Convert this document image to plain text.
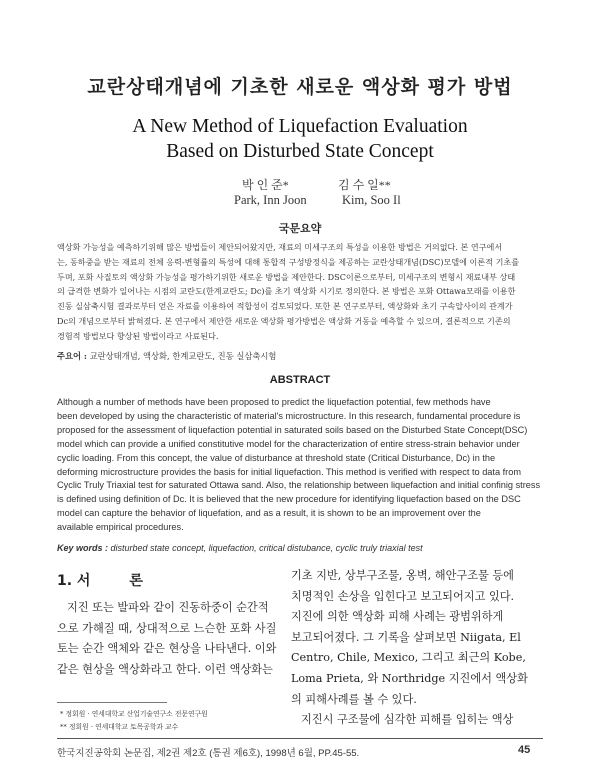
교란상태개념에 기초한 새로운 액상화 평가 방법
A New Method of Liquefaction Evaluation
Based on Disturbed State Concept
박 인 준*	김 수 일**
Park, Inn Joon	Kim, Soo Il
국문요약
액상화 가능성을 예측하기위해 많은 방법들이 제안되어왔지만, 재료의 미세구조의 특성을 이용한 방법은 거의없다. 본 연구에서
는, 동하중을 받는 재료의 전체 응력-변형률의 특성에 대해 통합적 구성방정식을 제공하는 교란상태개념(DSC)모델에 이론적 기초를
두며, 포화 사질토의 액상화 가능성을 평가하기위한 새로운 방법을 제안한다. DSC이론으로부터, 미세구조의 변형시 재료내부 상태
의 급격한 변화가 일어나는 시점의 교란도(한계교란도; Dc)를 초기 액상화 시기로 정의한다. 본 방법은 포화 Ottawa모래를 이용한
진동 실삼축시험 결과로부터 얻은 자료를 이용하여 적합성이 검토되었다. 또한 본 연구로부터, 액상화와 초기 구속압사이의 관계가
Dc의 개념으로부터 밝혀졌다. 본 연구에서 제안한 새로운 액상화 평가방법은 액상화 거동을 예측할 수 있으며, 결론적으로 기존의
경험적 방법보다 향상된 방법이라고 사료된다.
주요어 : 교란상태개념, 액상화, 한계교란도, 진동 실삼축시험
ABSTRACT
Although a number of methods have been proposed to predict the liquefaction potential, few methods have
been developed by using the characteristic of material's microstructure. In this research, fundamental procedure is
proposed for the assessment of liquefaction potential in saturated soils based on the Disturbed State Concept(DSC)
model which can provide a unified constitutive model for the characterization of entire stress-strain behavior under
cyclic loading. From this concept, the value of disturbance at threshold state (Critical Disturbance, Dc) in the
deforming microstructure provides the basis for initial liquefaction. This method is verified with respect to data from
Cyclic Truly Triaxial test for saturated Ottawa sand. Also, the relationship between liquefaction and initial confinig stress
is defined using definition of Dc. It is believed that the new procedure for identifying liquefaction based on the DSC
model can capture the behavior of liquefation, and as a result, it is shown to be an improvement over the
available empirical procedures.
Key words : disturbed state concept, liquefaction, critical distubance, cyclic truly triaxial test
1. 서	론
지진 또는 발파와 같이 진동하중이 순간적
으로 가해질 때, 상대적으로 느슨한 포화 사질
토는 순간 액체와 같은 현상을 나타낸다. 이와
같은 현상을 액상화라고 한다. 이런 액상화는
* 정회원 · 연세대학교 산업기술연구소 전문연구원
** 정회원 · 연세대학교 토목공학과 교수
기초 지반, 상부구조물, 옹벽, 해안구조물 등에
치명적인 손상을 입힌다고 보고되어지고 있다.
지진에 의한 액상화 피해 사례는 광범위하게
보고되어졌다. 그 기록을 살펴보면 Niigata, El
Centro, Chile, Mexico, 그리고 최근의 Kobe,
Loma Prieta, 와 Northridge 지진에서 액상화
의 피해사례를 볼 수 있다.
지진시 구조물에 심각한 피해를 입히는 액상
한국지진공학회 논문집, 제2권 제2호 (통권 제6호), 1998년 6월, PP.45-55.	45
